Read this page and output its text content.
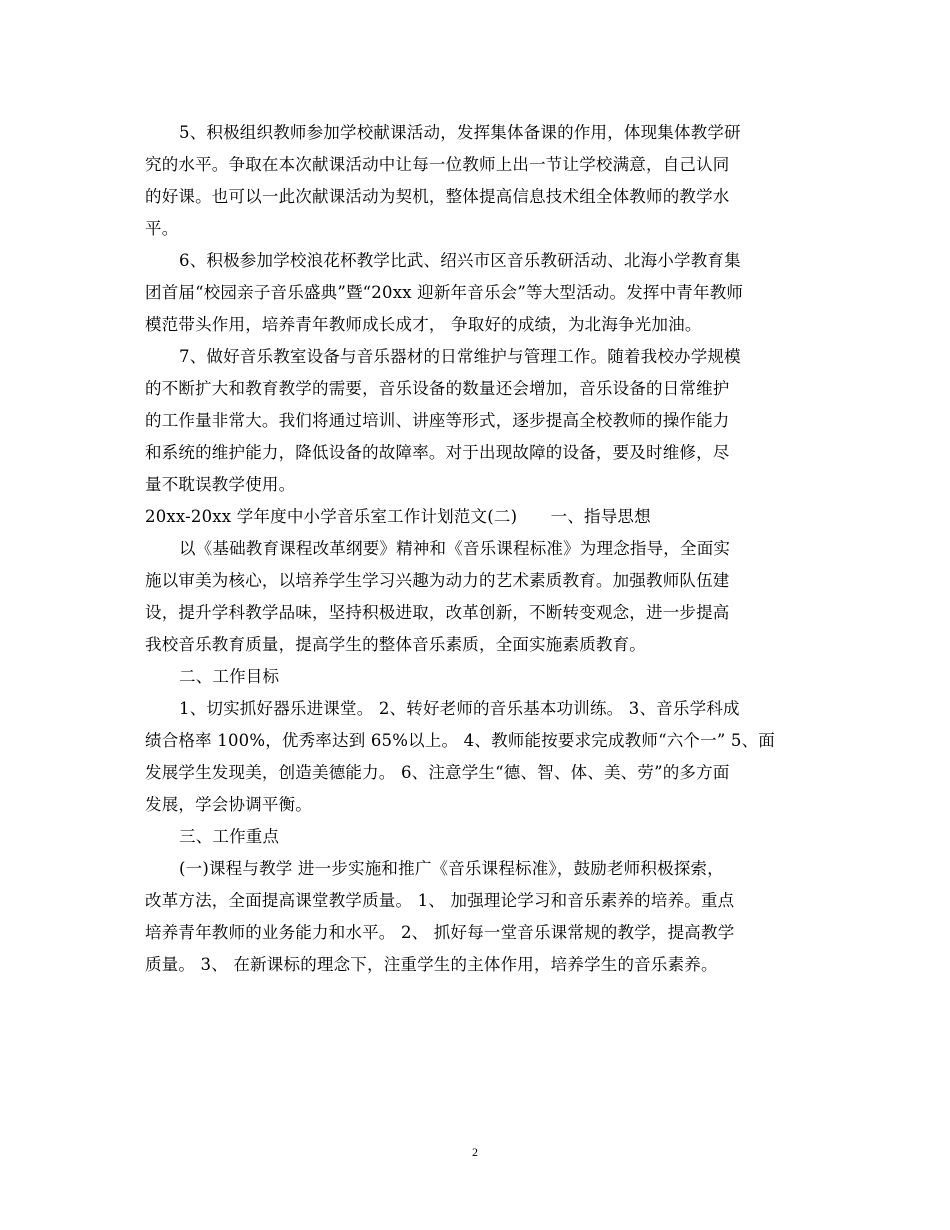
5、积极组织教师参加学校献课活动，发挥集体备课的作用，体现集体教学研
究的水平。争取在本次献课活动中让每一位教师上出一节让学校满意，自己认同
的好课。也可以一此次献课活动为契机，整体提高信息技术组全体教师的教学水
平。
6、积极参加学校浪花杯教学比武、绍兴市区音乐教研活动、北海小学教育集
团首届“校园亲子音乐盛典”暨“20xx 迎新年音乐会”等大型活动。发挥中青年教师
模范带头作用，培养青年教师成长成才， 争取好的成绩，为北海争光加油。
7、做好音乐教室设备与音乐器材的日常维护与管理工作。随着我校办学规模
的不断扩大和教育教学的需要，音乐设备的数量还会增加，音乐设备的日常维护
的工作量非常大。我们将通过培训、讲座等形式，逐步提高全校教师的操作能力
和系统的维护能力，降低设备的故障率。对于出现故障的设备，要及时维修，尽
量不耽误教学使用。
20xx-20xx 学年度中小学音乐室工作计划范文(二)　　一、指导思想
以《基础教育课程改革纲要》精神和《音乐课程标准》为理念指导，全面实
施以审美为核心，以培养学生学习兴趣为动力的艺术素质教育。加强教师队伍建
设，提升学科教学品味，坚持积极进取，改革创新，不断转变观念，进一步提高
我校音乐教育质量，提高学生的整体音乐素质，全面实施素质教育。
二、工作目标
1、切实抓好器乐进课堂。 2、转好老师的音乐基本功训练。 3、音乐学科成
绩合格率 100%，优秀率达到 65%以上。 4、教师能按要求完成教师“六个一” 5、面
发展学生发现美，创造美德能力。 6、注意学生“德、智、体、美、劳”的多方面
发展，学会协调平衡。
三、工作重点
(一)课程与教学 进一步实施和推广《音乐课程标准》，鼓励老师积极探索，
改革方法，全面提高课堂教学质量。 1、 加强理论学习和音乐素养的培养。重点
培养青年教师的业务能力和水平。 2、 抓好每一堂音乐课常规的教学，提高教学
质量。 3、 在新课标的理念下，注重学生的主体作用，培养学生的音乐素养。
2
